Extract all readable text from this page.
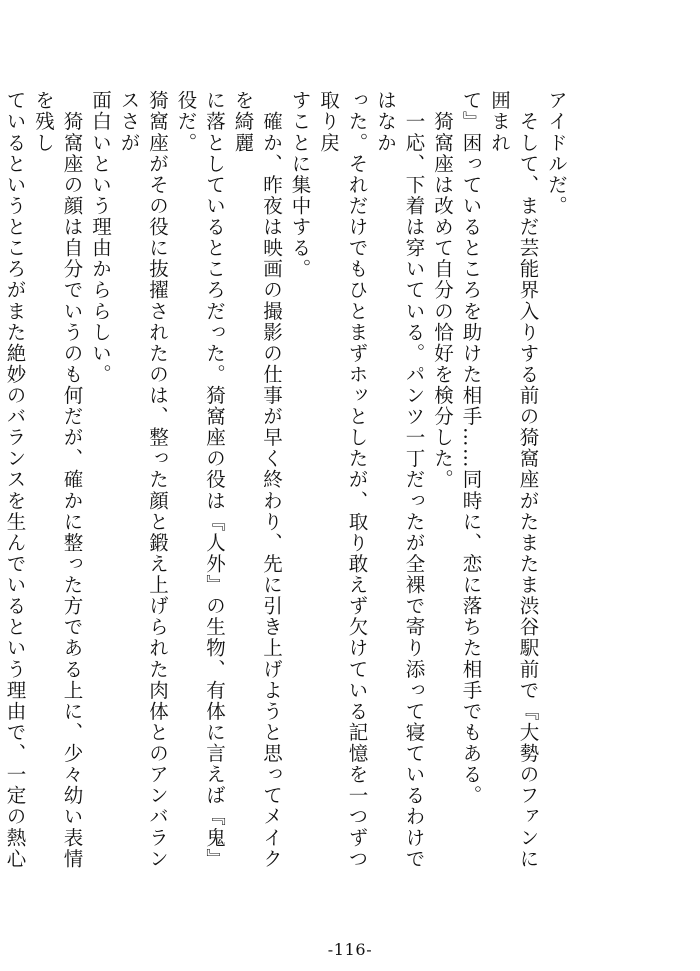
アイドルだ。

　そして、まだ芸能界入りする前の猗窩座がたまたま渋谷駅前で『大勢のファンに囲まれ

て』困っているところを助けた相手……同時に、恋に落ちた相手でもある。

　猗窩座は改めて自分の恰好を検分した。

　一応、下着は穿いている。パンツ一丁だったが全裸で寄り添って寝ているわけではなか

った。それだけでもひとまずホッとしたが、取り敢えず欠けている記憶を一つずつ取り戻

すことに集中する。

　確か、昨夜は映画の撮影の仕事が早く終わり、先に引き上げようと思ってメイクを綺麗

に落としているところだった。猗窩座の役は『人外』の生物、有体に言えば『鬼』役だ。

猗窩座がその役に抜擢されたのは、整った顔と鍛え上げられた肉体とのアンバランスさが

面白いという理由かららしい。

　猗窩座の顔は自分でいうのも何だが、確かに整った方である上に、少々幼い表情を残し

ているというところがまた絶妙のバランスを生んでいるという理由で、一定の熱心

-116-
